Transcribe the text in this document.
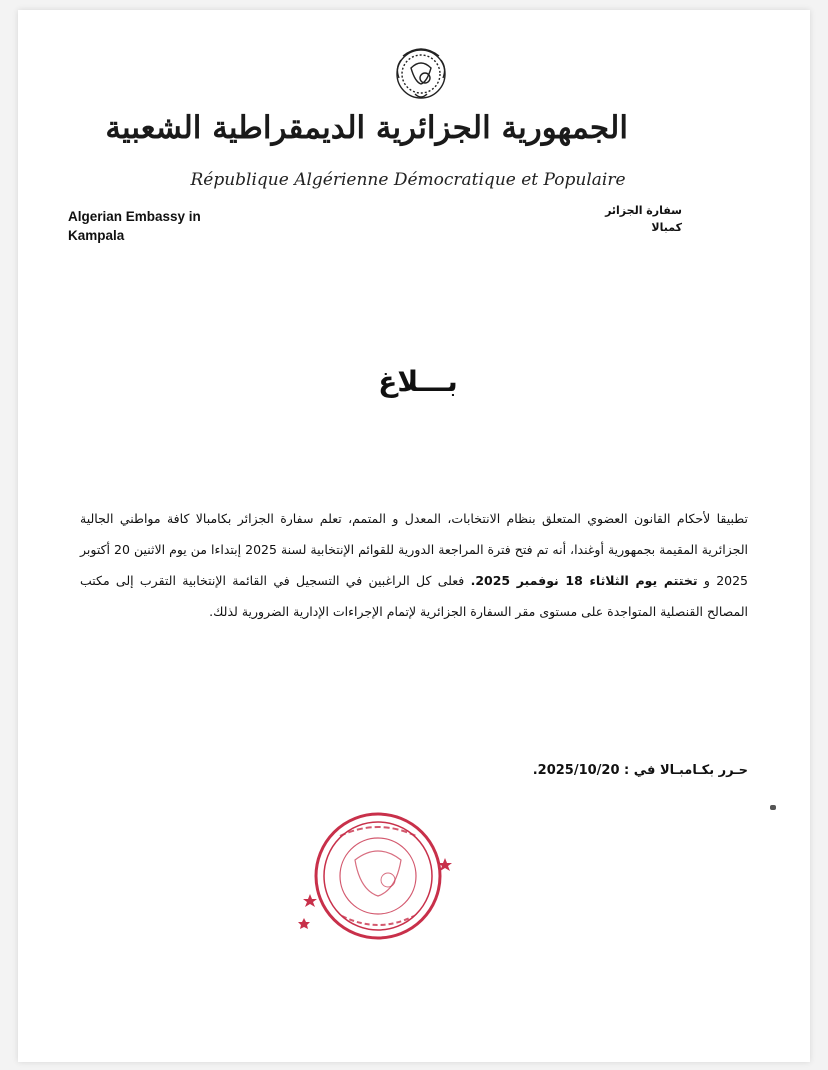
الجمهورية الجزائرية الديمقراطية الشعبية
République Algérienne Démocratique et Populaire
Algerian Embassy in
Kampala
سفارة الجزائر
كمبالا
بـــلاغ
تطبيقا لأحكام القانون العضوي المتعلق بنظام الانتخابات، المعدل و المتمم، تعلم سفارة الجزائر بكامبالا كافة مواطني الجالية الجزائرية المقيمة بجمهورية أوغندا، أنه تم فتح فترة المراجعة الدورية للقوائم الإنتخابية لسنة 2025 إبتداءا من يوم الاثنين 20 أكتوبر 2025 و تختتم يوم الثلاثاء 18 نوفمبر 2025. فعلى كل الراغبين في التسجيل في القائمة الإنتخابية التقرب إلى مكتب المصالح القنصلية المتواجدة على مستوى مقر السفارة الجزائرية لإتمام الإجراءات الإدارية الضرورية لذلك.
حـرر بكـامبـالا في : 2025/10/20.
